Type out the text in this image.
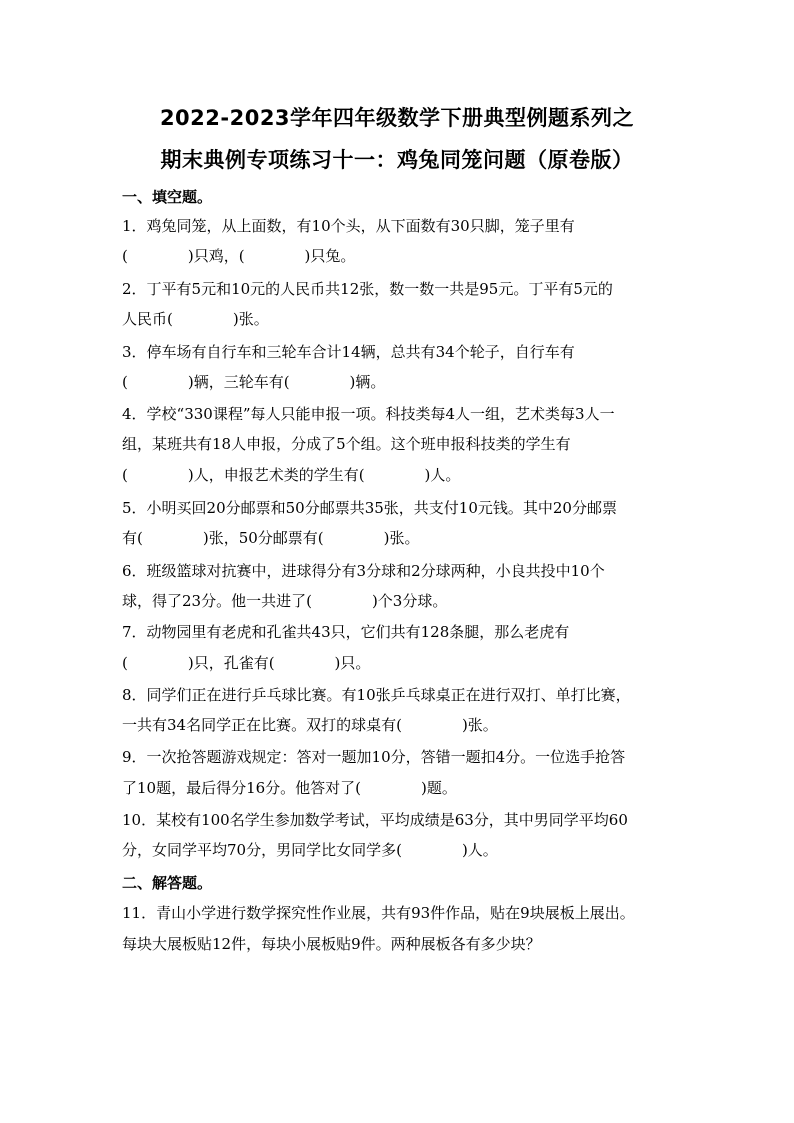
2022-2023学年四年级数学下册典型例题系列之
期末典例专项练习十一：鸡兔同笼问题（原卷版）
一、填空题。
1．鸡兔同笼，从上面数，有10个头，从下面数有30只脚，笼子里有
(　　　　)只鸡，(　　　　)只兔。
2．丁平有5元和10元的人民币共12张，数一数一共是95元。丁平有5元的
人民币(　　　　)张。
3．停车场有自行车和三轮车合计14辆，总共有34个轮子，自行车有
(　　　　)辆，三轮车有(　　　　)辆。
4．学校“330课程”每人只能申报一项。科技类每4人一组，艺术类每3人一
组，某班共有18人申报，分成了5个组。这个班申报科技类的学生有
(　　　　)人，申报艺术类的学生有(　　　　)人。
5．小明买回20分邮票和50分邮票共35张，共支付10元钱。其中20分邮票
有(　　　　)张，50分邮票有(　　　　)张。
6．班级篮球对抗赛中，进球得分有3分球和2分球两种，小良共投中10个
球，得了23分。他一共进了(　　　　)个3分球。
7．动物园里有老虎和孔雀共43只，它们共有128条腿，那么老虎有
(　　　　)只，孔雀有(　　　　)只。
8．同学们正在进行乒乓球比赛。有10张乒乓球桌正在进行双打、单打比赛，
一共有34名同学正在比赛。双打的球桌有(　　　　)张。
9．一次抢答题游戏规定：答对一题加10分，答错一题扣4分。一位选手抢答
了10题，最后得分16分。他答对了(　　　　)题。
10．某校有100名学生参加数学考试，平均成绩是63分，其中男同学平均60
分，女同学平均70分，男同学比女同学多(　　　　)人。
二、解答题。
11．青山小学进行数学探究性作业展，共有93件作品，贴在9块展板上展出。
每块大展板贴12件，每块小展板贴9件。两种展板各有多少块？
